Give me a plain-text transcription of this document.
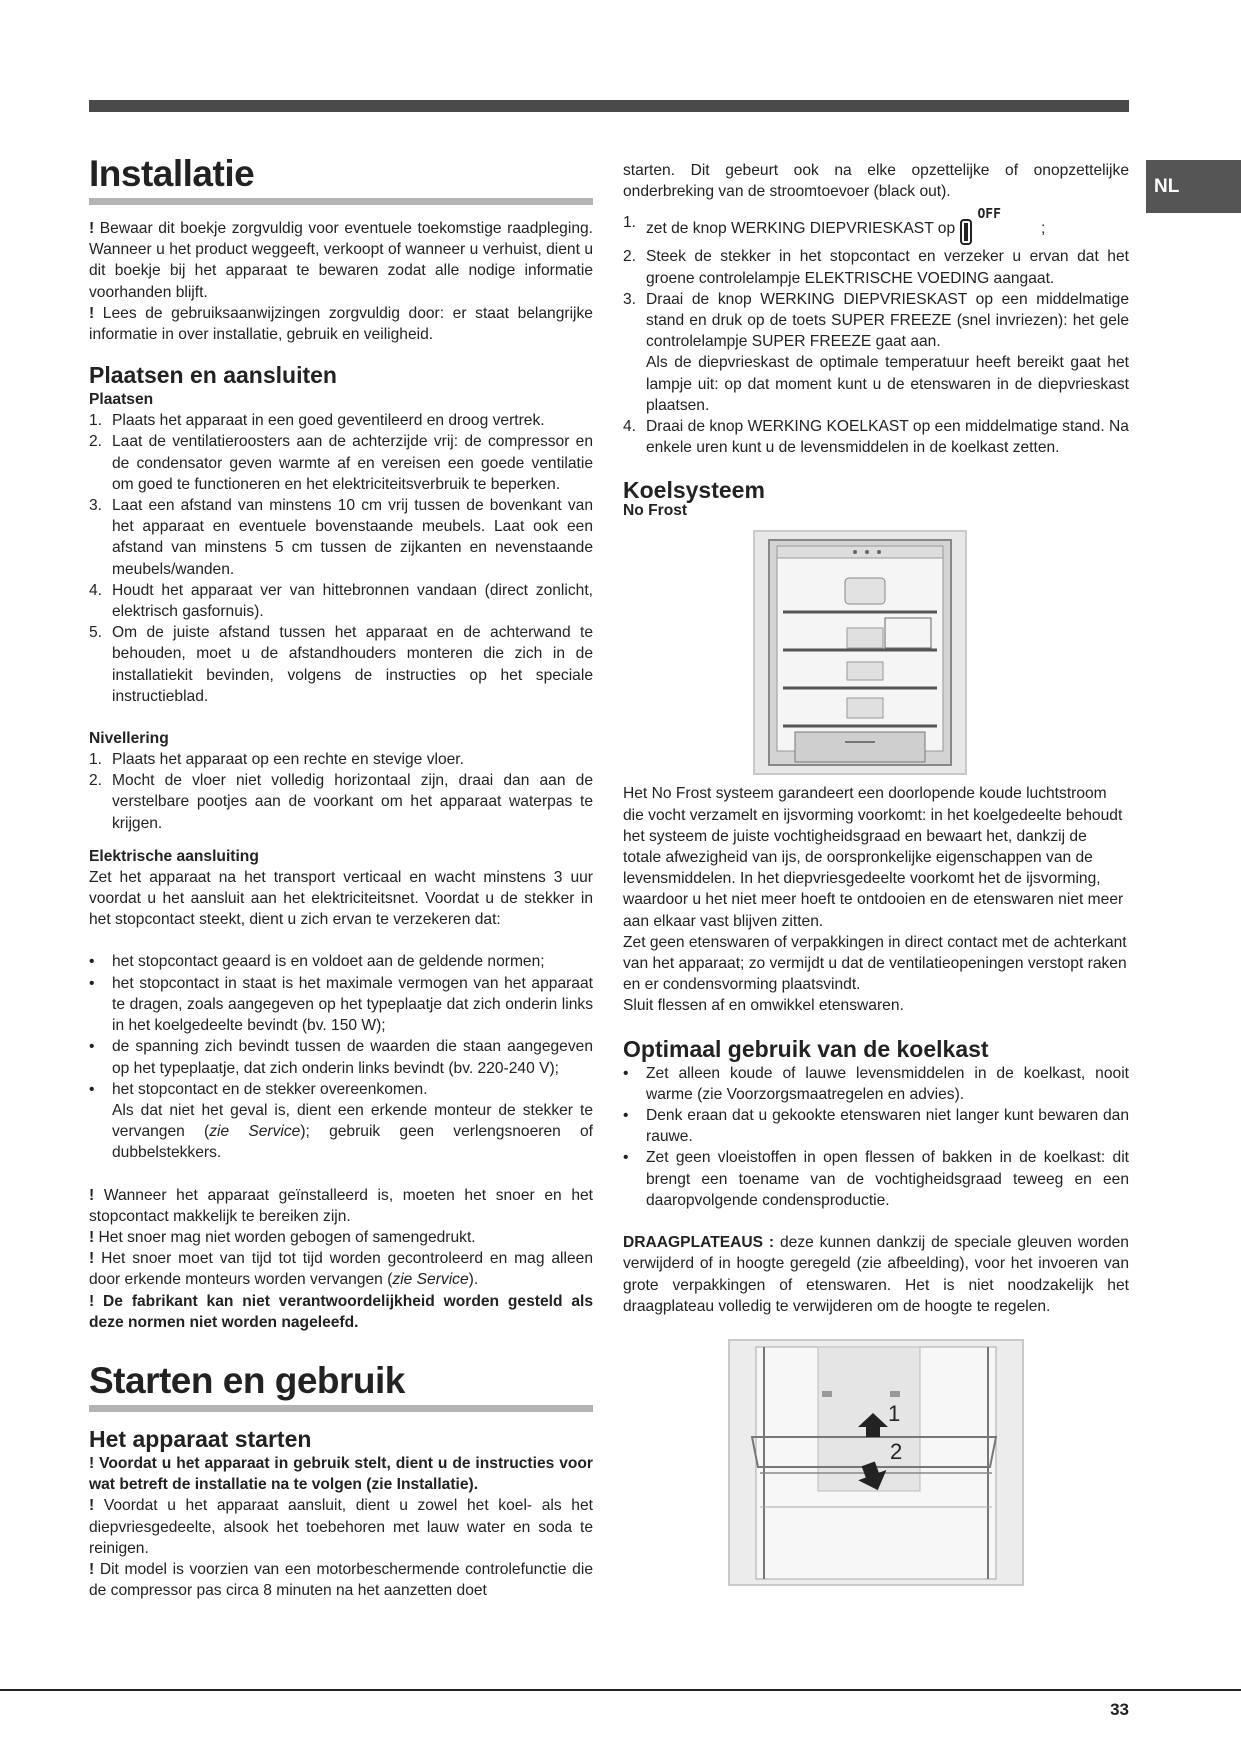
NL
Installatie

! Bewaar dit boekje zorgvuldig voor eventuele toekomstige raadpleging. Wanneer u het product weggeeft, verkoopt of wanneer u verhuist, dient u dit boekje bij het apparaat te bewaren zodat alle nodige informatie voorhanden blijft.

! Lees de gebruiksaanwijzingen zorgvuldig door: er staat belangrijke informatie in over installatie, gebruik en veiligheid.

Plaatsen en aansluiten
Plaatsen
1. Plaats het apparaat in een goed geventileerd en droog vertrek.
2. Laat de ventilatieroosters aan de achterzijde vrij: de compressor en de condensator geven warmte af en vereisen een goede ventilatie om goed te functioneren en het elektriciteitsverbruik te beperken.
3. Laat een afstand van minstens 10 cm vrij tussen de bovenkant van het apparaat en eventuele bovenstaande meubels. Laat ook een afstand van minstens 5 cm tussen de zijkanten en nevenstaande meubels/wanden.
4. Houdt het apparaat ver van hittebronnen vandaan (direct zonlicht, elektrisch gasfornuis).
5. Om de juiste afstand tussen het apparaat en de achterwand te behouden, moet u de afstandhouders monteren die zich in de installatiekit bevinden, volgens de instructies op het speciale instructieblad.
Nivellering
1. Plaats het apparaat op een rechte en stevige vloer.
2. Mocht de vloer niet volledig horizontaal zijn, draai dan aan de verstelbare pootjes aan de voorkant om het apparaat waterpas te krijgen.
Elektrische aansluiting

Zet het apparaat na het transport verticaal en wacht minstens 3 uur voordat u het aansluit aan het elektriciteitsnet. Voordat u de stekker in het stopcontact steekt, dient u zich ervan te verzekeren dat:

•	het stopcontact geaard is en voldoet aan de geldende normen;
•	het stopcontact in staat is het maximale vermogen van het apparaat te dragen, zoals aangegeven op het typeplaatje dat zich onderin links in het koelgedeelte bevindt (bv. 150 W);
•	de spanning zich bevindt tussen de waarden die staan aangegeven op het typeplaatje, dat zich onderin links bevindt (bv. 220-240 V);
•	het stopcontact en de stekker overeenkomen.
Als dat niet het geval is, dient een erkende monteur de stekker te vervangen (zie Service); gebruik geen verlengsnoeren of dubbelstekkers.

! Wanneer het apparaat geïnstalleerd is, moeten het snoer en het stopcontact makkelijk te bereiken zijn.

! Het snoer mag niet worden gebogen of samengedrukt.

! Het snoer moet van tijd tot tijd worden gecontroleerd en mag alleen door erkende monteurs worden vervangen (zie Service).

! De fabrikant kan niet verantwoordelijkheid worden gesteld als deze normen niet worden nageleefd.

Starten en gebruik
Het apparaat starten

! Voordat u het apparaat in gebruik stelt, dient u de instructies voor wat betreft de installatie na te volgen (zie Installatie).

! Voordat u het apparaat aansluit, dient u zowel het koel- als het diepvriesgedeelte, alsook het toebehoren met lauw water en soda te reinigen.

! Dit model is voorzien van een motorbeschermende controlefunctie die de compressor pas circa 8 minuten na het aanzetten doet

starten. Dit gebeurt ook na elke opzettelijke of onopzettelijke onderbreking van de stroomtoevoer (black out).

1. zet de knop WERKING DIEPVRIESKAST op $^{OFF}$;
2. Steek de stekker in het stopcontact en verzeker u ervan dat het groene controlelampje ELEKTRISCHE VOEDING aangaat.
3. Draai de knop WERKING DIEPVRIESKAST op een middelmatige stand en druk op de toets SUPER FREEZE (snel invriezen): het gele controlelampje SUPER FREEZE gaat aan.
Als de diepvrieskast de optimale temperatuur heeft bereikt gaat het lampje uit: op dat moment kunt u de etenswaren in de diepvrieskast plaatsen.
4. Draai de knop WERKING KOELKAST op een middelmatige stand. Na enkele uren kunt u de levensmiddelen in de koelkast zetten.
Koelsysteem
No Frost

Het No Frost systeem garandeert een doorlopende koude luchtstroom die vocht verzamelt en ijsvorming voorkomt: in het koelgedeelte behoudt het systeem de juiste vochtigheidsgraad en bewaart het, dankzij de totale afwezigheid van ijs, de oorspronkelijke eigenschappen van de levensmiddelen. In het diepvriesgedeelte voorkomt het de ijsvorming, waardoor u het niet meer hoeft te ontdooien en de etenswaren niet meer aan elkaar vast blijven zitten.

Zet geen etenswaren of verpakkingen in direct contact met de achterkant van het apparaat; zo vermijdt u dat de ventilatieopeningen verstopt raken en er condensvorming plaatsvindt.

Sluit flessen af en omwikkel etenswaren.

Optimaal gebruik van de koelkast
•	Zet alleen koude of lauwe levensmiddelen in de koelkast, nooit warme (zie Voorzorgsmaatregelen en advies).
•	Denk eraan dat u gekookte etenswaren niet langer kunt bewaren dan rauwe.
•	Zet geen vloeistoffen in open flessen of bakken in de koelkast: dit brengt een toename van de vochtigheidsgraad teweeg en een daaropvolgende condensproductie.

DRAAGPLATEAUS : deze kunnen dankzij de speciale gleuven worden verwijderd of in hoogte geregeld (zie afbeelding), voor het invoeren van grote verpakkingen of etenswaren. Het is niet noodzakelijk het draagplateau volledig te verwijderen om de hoogte te regelen.

1
2
33
